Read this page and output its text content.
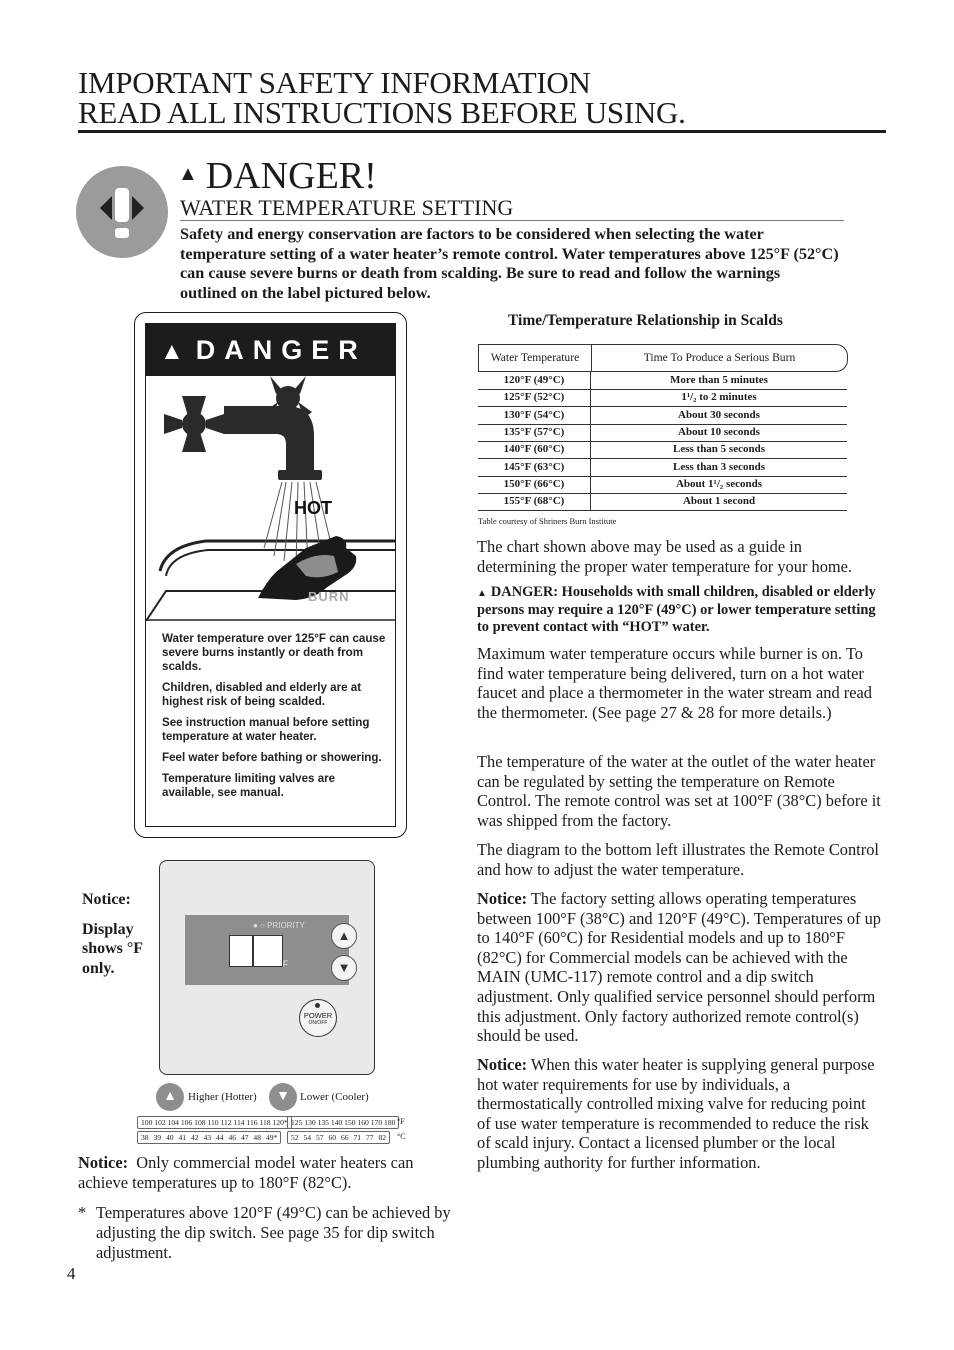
IMPORTANT SAFETY INFORMATION
READ ALL INSTRUCTIONS BEFORE USING.
▲ DANGER!
WATER TEMPERATURE SETTING
Safety and energy conservation are factors to be considered when selecting the water temperature setting of a water heater’s remote control. Water temperatures above 125°F (52°C) can cause severe burns or death from scalding. Be sure to read and follow the warnings outlined on the label pictured below.
▲ DANGER
HOT
BURN

Water temperature over 125°F can cause severe burns instantly or death from scalds.

Children, disabled and elderly are at highest risk of being scalded.

See instruction manual before setting temperature at water heater.

Feel water before bathing or showering.

Temperature limiting valves are available, see manual.

Notice:

Display shows °F only.

● ○ PRIORITY
°F
▲
▼
POWER
ON/OFF
▲	Higher (Hotter)	▼ Lower (Cooler)
100 102 104 106 108 110 112 114 116 118 120*
38 39 40 41 42 43 44 46 47 48 49*
125 130 135 140 150 160 170 180
52 54 57 60 66 71 77 82
°F
°C
Notice: Only commercial model water heaters can achieve temperatures up to 180°F (82°C).
* Temperatures above 120°F (49°C) can be achieved by adjusting the dip switch. See page 35 for dip switch adjustment.
4
Time/Temperature Relationship in Scalds
Water Temperature	Time To Produce a Serious Burn
120°F (49°C)	More than 5 minutes
125°F (52°C)	1¹/₂ to 2 minutes
130°F (54°C)	About 30 seconds
135°F (57°C)	About 10 seconds
140°F (60°C)	Less than 5 seconds
145°F (63°C)	Less than 3 seconds
150°F (66°C)	About 1¹/₂ seconds
155°F (68°C)	About 1 second
Table courtesy of Shriners Burn Institute
The chart shown above may be used as a guide in determining the proper water temperature for your home.
▲ DANGER: Households with small children, disabled or elderly persons may require a 120°F (49°C) or lower temperature setting to prevent contact with “HOT” water.
Maximum water temperature occurs while burner is on. To find water temperature being delivered, turn on a hot water faucet and place a thermometer in the water stream and read the thermometer. (See page 27 & 28 for more details.)
The temperature of the water at the outlet of the water heater can be regulated by setting the temperature on Remote Control. The remote control was set at 100°F (38°C) before it was shipped from the factory.
The diagram to the bottom left illustrates the Remote Control and how to adjust the water temperature.
Notice: The factory setting allows operating temperatures between 100°F (38°C) and 120°F (49°C). Temperatures of up to 140°F (60°C) for Residential models and up to 180°F (82°C) for Commercial models can be achieved with the MAIN (UMC-117) remote control and a dip switch adjustment. Only qualified service personnel should perform this adjustment. Only factory authorized remote control(s) should be used.
Notice: When this water heater is supplying general purpose hot water requirements for use by individuals, a thermostatically controlled mixing valve for reducing point of use water temperature is recommended to reduce the risk of scald injury. Contact a licensed plumber or the local plumbing authority for further information.
